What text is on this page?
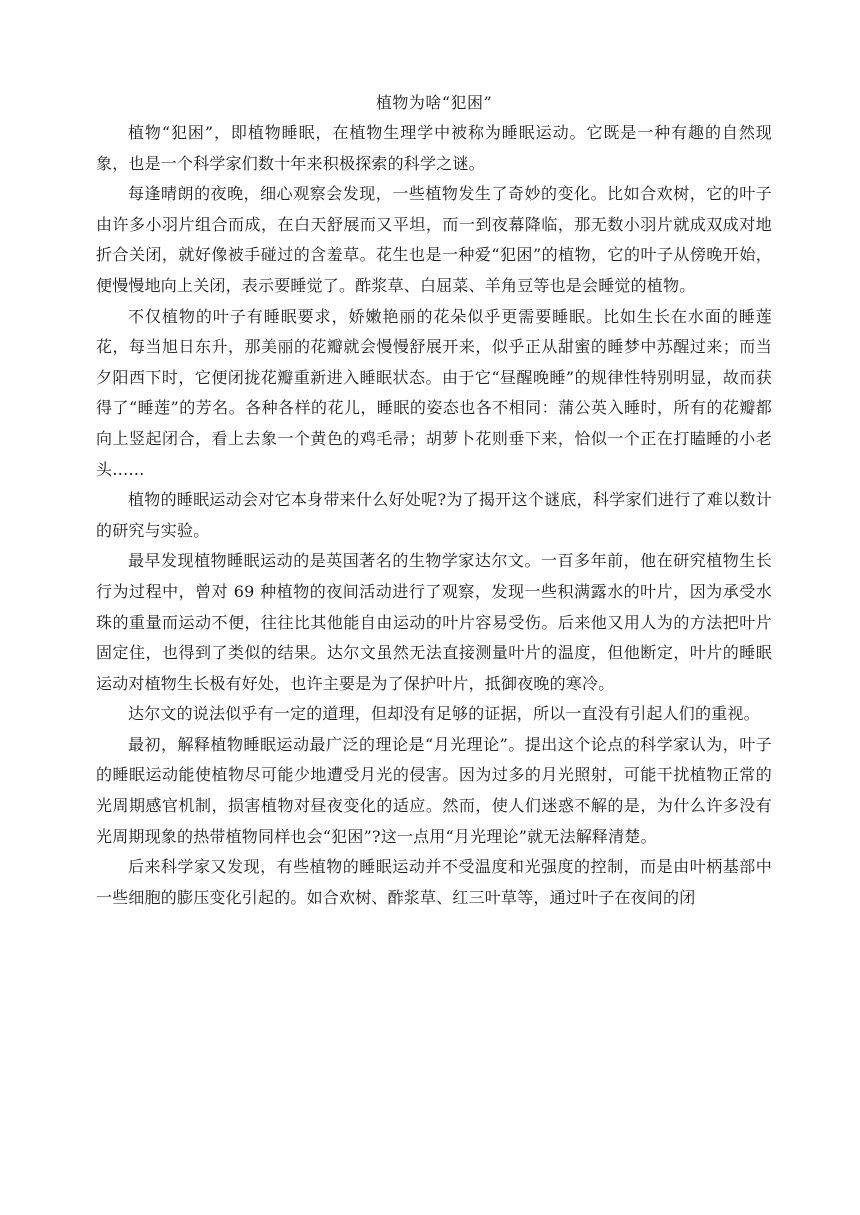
植物为啥“犯困”

植物“犯困”，即植物睡眠，在植物生理学中被称为睡眠运动。它既是一种有趣的自然现象，也是一个科学家们数十年来积极探索的科学之谜。

每逢晴朗的夜晚，细心观察会发现，一些植物发生了奇妙的变化。比如合欢树，它的叶子由许多小羽片组合而成，在白天舒展而又平坦，而一到夜幕降临，那无数小羽片就成双成对地折合关闭，就好像被手碰过的含羞草。花生也是一种爱“犯困”的植物，它的叶子从傍晚开始，便慢慢地向上关闭，表示要睡觉了。酢浆草、白屈菜、羊角豆等也是会睡觉的植物。

不仅植物的叶子有睡眠要求，娇嫩艳丽的花朵似乎更需要睡眠。比如生长在水面的睡莲花，每当旭日东升，那美丽的花瓣就会慢慢舒展开来，似乎正从甜蜜的睡梦中苏醒过来；而当夕阳西下时，它便闭拢花瓣重新进入睡眠状态。由于它“昼醒晚睡”的规律性特别明显，故而获得了“睡莲”的芳名。各种各样的花儿，睡眠的姿态也各不相同：蒲公英入睡时，所有的花瓣都向上竖起闭合，看上去象一个黄色的鸡毛帚；胡萝卜花则垂下来，恰似一个正在打瞌睡的小老头……

植物的睡眠运动会对它本身带来什么好处呢?为了揭开这个谜底，科学家们进行了难以数计的研究与实验。

最早发现植物睡眠运动的是英国著名的生物学家达尔文。一百多年前，他在研究植物生长行为过程中，曾对 69 种植物的夜间活动进行了观察，发现一些积满露水的叶片，因为承受水珠的重量而运动不便，往往比其他能自由运动的叶片容易受伤。后来他又用人为的方法把叶片固定住，也得到了类似的结果。达尔文虽然无法直接测量叶片的温度，但他断定，叶片的睡眠运动对植物生长极有好处，也许主要是为了保护叶片，抵御夜晚的寒冷。

达尔文的说法似乎有一定的道理，但却没有足够的证据，所以一直没有引起人们的重视。

最初，解释植物睡眠运动最广泛的理论是“月光理论”。提出这个论点的科学家认为，叶子的睡眠运动能使植物尽可能少地遭受月光的侵害。因为过多的月光照射，可能干扰植物正常的光周期感官机制，损害植物对昼夜变化的适应。然而，使人们迷惑不解的是，为什么许多没有光周期现象的热带植物同样也会“犯困”?这一点用“月光理论”就无法解释清楚。

后来科学家又发现，有些植物的睡眠运动并不受温度和光强度的控制，而是由叶柄基部中一些细胞的膨压变化引起的。如合欢树、酢浆草、红三叶草等，通过叶子在夜间的闭
